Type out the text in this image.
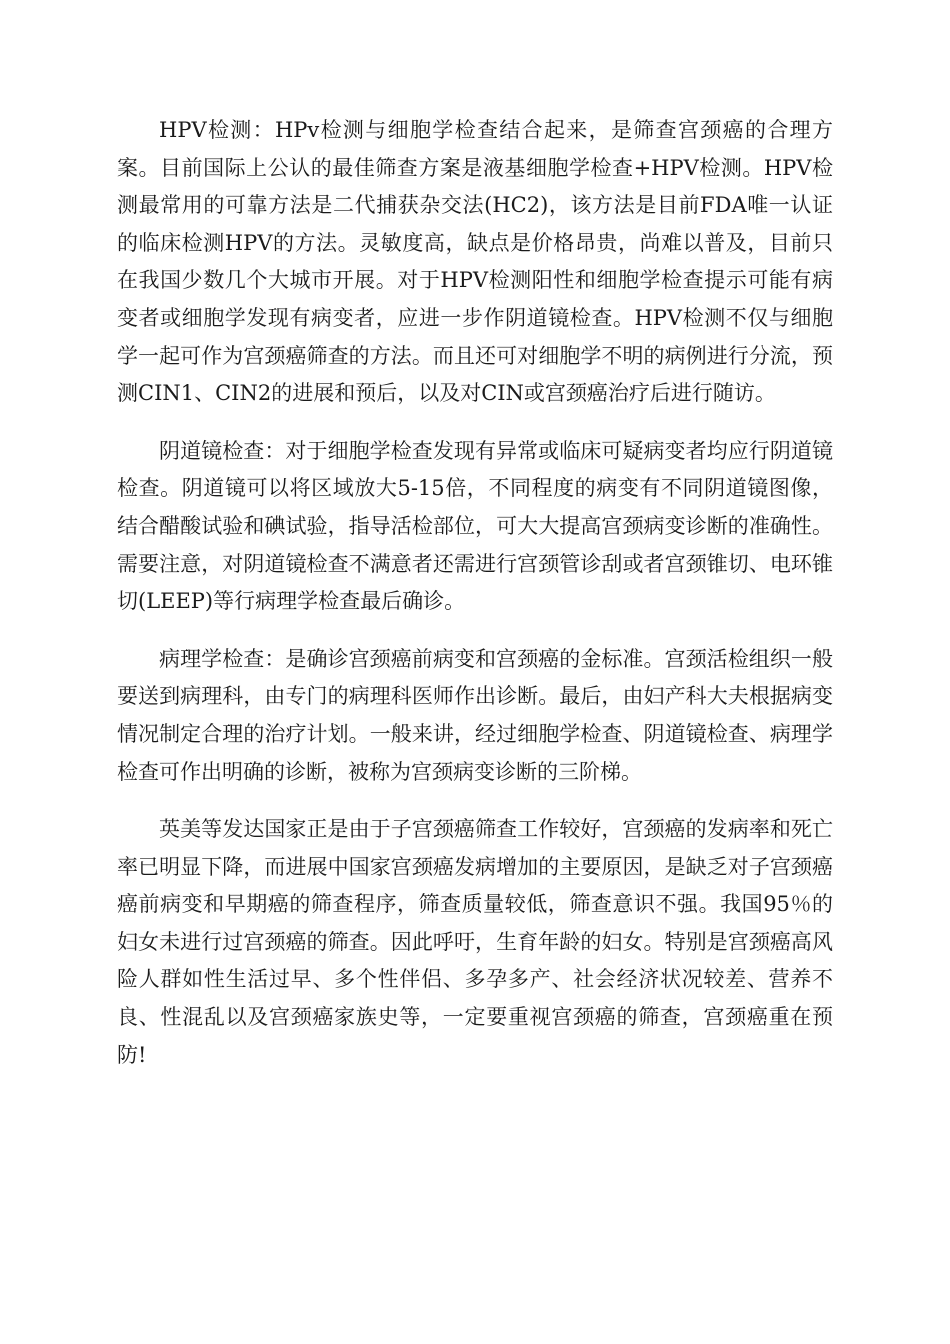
HPV检测：HPv检测与细胞学检查结合起来，是筛查宫颈癌的合理方案。目前国际上公认的最佳筛查方案是液基细胞学检查+HPV检测。HPV检测最常用的可靠方法是二代捕获杂交法(HC2)，该方法是目前FDA唯一认证的临床检测HPV的方法。灵敏度高，缺点是价格昂贵，尚难以普及，目前只在我国少数几个大城市开展。对于HPV检测阳性和细胞学检查提示可能有病变者或细胞学发现有病变者，应进一步作阴道镜检查。HPV检测不仅与细胞学一起可作为宫颈癌筛查的方法。而且还可对细胞学不明的病例进行分流，预测CIN1、CIN2的进展和预后，以及对CIN或宫颈癌治疗后进行随访。

阴道镜检查：对于细胞学检查发现有异常或临床可疑病变者均应行阴道镜检查。阴道镜可以将区域放大5-15倍，不同程度的病变有不同阴道镜图像，结合醋酸试验和碘试验，指导活检部位，可大大提高宫颈病变诊断的准确性。需要注意，对阴道镜检查不满意者还需进行宫颈管诊刮或者宫颈锥切、电环锥切(LEEP)等行病理学检查最后确诊。

病理学检查：是确诊宫颈癌前病变和宫颈癌的金标准。宫颈活检组织一般要送到病理科，由专门的病理科医师作出诊断。最后，由妇产科大夫根据病变情况制定合理的治疗计划。一般来讲，经过细胞学检查、阴道镜检查、病理学检查可作出明确的诊断，被称为宫颈病变诊断的三阶梯。

英美等发达国家正是由于子宫颈癌筛查工作较好，宫颈癌的发病率和死亡率已明显下降，而进展中国家宫颈癌发病增加的主要原因，是缺乏对子宫颈癌癌前病变和早期癌的筛查程序，筛查质量较低，筛查意识不强。我国95％的妇女未进行过宫颈癌的筛查。因此呼吁，生育年龄的妇女。特别是宫颈癌高风险人群如性生活过早、多个性伴侣、多孕多产、社会经济状况较差、营养不良、性混乱以及宫颈癌家族史等，一定要重视宫颈癌的筛查，宫颈癌重在预防!
